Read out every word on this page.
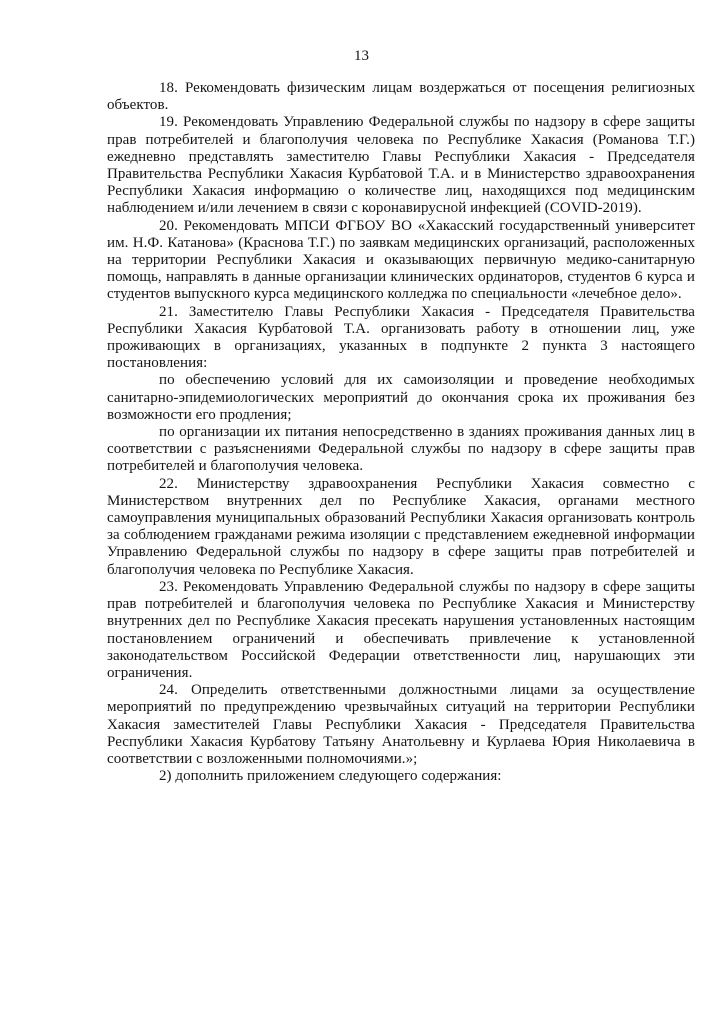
13

18. Рекомендовать физическим лицам воздержаться от посещения религиозных объектов.

19. Рекомендовать Управлению Федеральной службы по надзору в сфере защиты прав потребителей и благополучия человека по Республике Хакасия (Романова Т.Г.) ежедневно представлять заместителю Главы Республики Хакасия - Председателя Правительства Республики Хакасия Курбатовой Т.А. и в Министерство здравоохранения Республики Хакасия информацию о количестве лиц, находящихся под медицинским наблюдением и/или лечением в связи с коронавирусной инфекцией (COVID-2019).

20. Рекомендовать МПСИ ФГБОУ ВО «Хакасский государственный университет им. Н.Ф. Катанова» (Краснова Т.Г.) по заявкам медицинских организаций, расположенных на территории Республики Хакасия и оказывающих первичную медико-санитарную помощь, направлять в данные организации клинических ординаторов, студентов 6 курса и студентов выпускного курса медицинского колледжа по специальности «лечебное дело».

21. Заместителю Главы Республики Хакасия - Председателя Правительства Республики Хакасия Курбатовой Т.А. организовать работу в отношении лиц, уже проживающих в организациях, указанных в подпункте 2 пункта 3 настоящего постановления:

по обеспечению условий для их самоизоляции и проведение необходимых санитарно-эпидемиологических мероприятий до окончания срока их проживания без возможности его продления;

по организации их питания непосредственно в зданиях проживания данных лиц в соответствии с разъяснениями Федеральной службы по надзору в сфере защиты прав потребителей и благополучия человека.

22. Министерству здравоохранения Республики Хакасия совместно с Министерством внутренних дел по Республике Хакасия, органами местного самоуправления муниципальных образований Республики Хакасия организовать контроль за соблюдением гражданами режима изоляции с представлением ежедневной информации Управлению Федеральной службы по надзору в сфере защиты прав потребителей и благополучия человека по Республике Хакасия.

23. Рекомендовать Управлению Федеральной службы по надзору в сфере защиты прав потребителей и благополучия человека по Республике Хакасия и Министерству внутренних дел по Республике Хакасия пресекать нарушения установленных настоящим постановлением ограничений и обеспечивать привлечение к установленной законодательством Российской Федерации ответственности лиц, нарушающих эти ограничения.

24. Определить ответственными должностными лицами за осуществление мероприятий по предупреждению чрезвычайных ситуаций на территории Республики Хакасия заместителей Главы Республики Хакасия - Председателя Правительства Республики Хакасия Курбатову Татьяну Анатольевну и Курлаева Юрия Николаевича в соответствии с возложенными полномочиями.»;

2) дополнить приложением следующего содержания:
